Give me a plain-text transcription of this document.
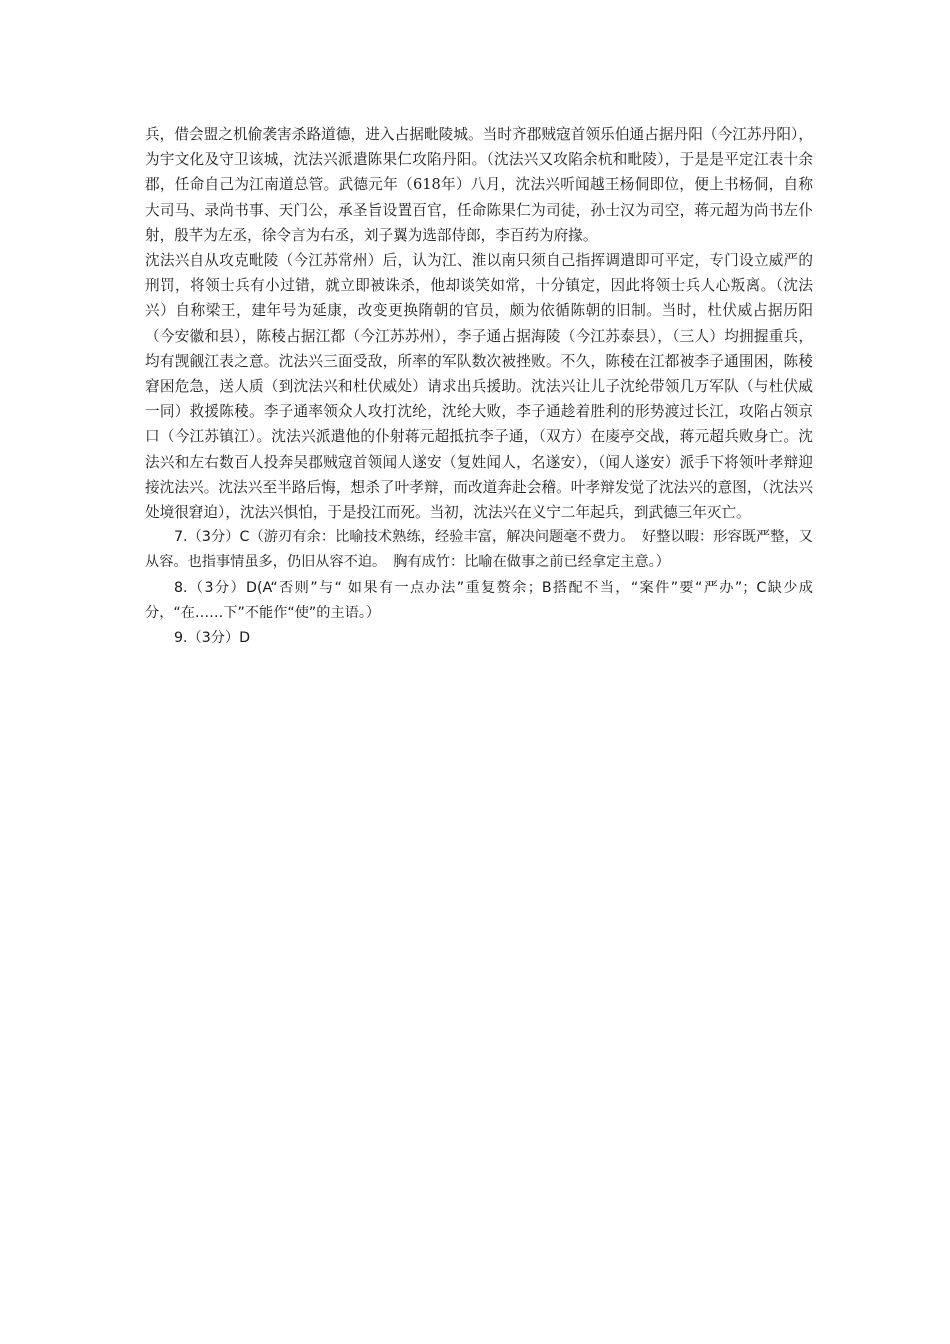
兵，借会盟之机偷袭害杀路道德，进入占据毗陵城。当时齐郡贼寇首领乐伯通占据丹阳（今江苏丹阳），为宇文化及守卫该城，沈法兴派遣陈果仁攻陷丹阳。（沈法兴又攻陷余杭和毗陵），于是是平定江表十余郡，任命自己为江南道总管。武德元年（618年）八月，沈法兴听闻越王杨侗即位，便上书杨侗，自称大司马、录尚书事、天门公，承圣旨设置百官，任命陈果仁为司徒，孙士汉为司空，蒋元超为尚书左仆射，殷芊为左丞，徐令言为右丞，刘子翼为选部侍郎，李百药为府掾。

沈法兴自从攻克毗陵（今江苏常州）后，认为江、淮以南只须自己指挥调遣即可平定，专门设立威严的刑罚，将领士兵有小过错，就立即被诛杀，他却谈笑如常，十分镇定，因此将领士兵人心叛离。（沈法兴）自称梁王，建年号为延康，改变更换隋朝的官员，颇为依循陈朝的旧制。当时，杜伏威占据历阳（今安徽和县），陈稜占据江都（今江苏苏州），李子通占据海陵（今江苏泰县），（三人）均拥握重兵，均有觊觎江表之意。沈法兴三面受敌，所率的军队数次被挫败。不久，陈稜在江都被李子通围困，陈稜窘困危急，送人质（到沈法兴和杜伏威处）请求出兵援助。沈法兴让儿子沈纶带领几万军队（与杜伏威一同）救援陈稜。李子通率领众人攻打沈纶，沈纶大败，李子通趁着胜利的形势渡过长江，攻陷占领京口（今江苏镇江）。沈法兴派遣他的仆射蒋元超抵抗李子通，（双方）在庱亭交战，蒋元超兵败身亡。沈法兴和左右数百人投奔吴郡贼寇首领闻人遂安（复姓闻人，名遂安），（闻人遂安）派手下将领叶孝辩迎接沈法兴。沈法兴至半路后悔，想杀了叶孝辩，而改道奔赴会稽。叶孝辩发觉了沈法兴的意图，（沈法兴处境很窘迫），沈法兴惧怕，于是投江而死。当初，沈法兴在义宁二年起兵，到武德三年灭亡。

7.（3分）C（游刃有余：比喻技术熟练，经验丰富，解决问题毫不费力。　好整以暇：形容既严整，又从容。也指事情虽多，仍旧从容不迫。　胸有成竹：比喻在做事之前已经拿定主意。）

8.（3分）D(A“否则”与“ 如果有一点办法”重复赘余；B搭配不当，“案件”要“严办”；C缺少成分，“在……下”不能作“使”的主语。）

9.（3分）D
